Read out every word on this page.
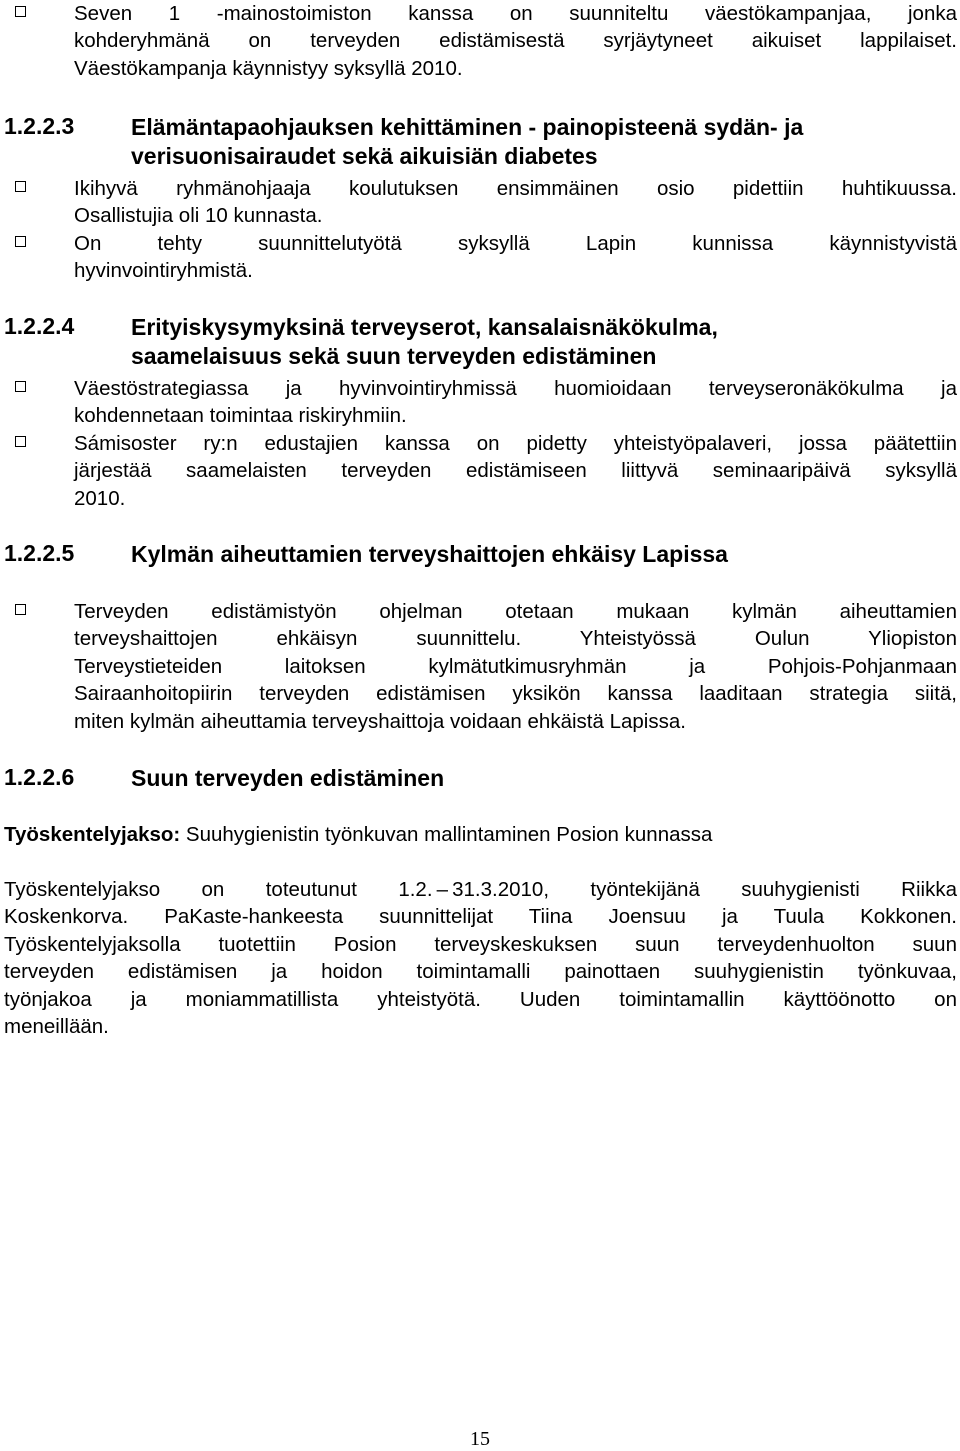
Seven 1 -mainostoimiston kanssa on suunniteltu väestökampanjaa, jonka
kohderyhmänä on terveyden edistämisestä syrjäytyneet aikuiset lappilaiset.
Väestökampanja käynnistyy syksyllä 2010.
1.2.2.3 Elämäntapaohjauksen kehittäminen - painopisteenä sydän- ja
verisuonisairaudet sekä aikuisiän diabetes
Ikihyvä ryhmänohjaaja koulutuksen ensimmäinen osio pidettiin huhtikuussa.
Osallistujia oli 10 kunnasta.
On tehty suunnittelutyötä syksyllä Lapin kunnissa käynnistyvistä
hyvinvointiryhmistä.
1.2.2.4 Erityiskysymyksinä terveyserot, kansalaisnäkökulma,
saamelaisuus sekä suun terveyden edistäminen
Väestöstrategiassa ja hyvinvointiryhmissä huomioidaan terveyseronäkökulma ja
kohdennetaan toimintaa riskiryhmiin.
Sámisoster ry:n edustajien kanssa on pidetty yhteistyöpalaveri, jossa päätettiin
järjestää saamelaisten terveyden edistämiseen liittyvä seminaaripäivä syksyllä
2010.
1.2.2.5 Kylmän aiheuttamien terveyshaittojen ehkäisy Lapissa
Terveyden edistämistyön ohjelman otetaan mukaan kylmän aiheuttamien
terveyshaittojen ehkäisyn suunnittelu. Yhteistyössä Oulun Yliopiston
Terveystieteiden laitoksen kylmätutkimusryhmän ja Pohjois-Pohjanmaan
Sairaanhoitopiirin terveyden edistämisen yksikön kanssa laaditaan strategia siitä,
miten kylmän aiheuttamia terveyshaittoja voidaan ehkäistä Lapissa.
1.2.2.6 Suun terveyden edistäminen
Työskentelyjakso: Suuhygienistin työnkuvan mallintaminen Posion kunnassa
Työskentelyjakso on toteutunut 1.2. – 31.3.2010, työntekijänä suuhygienisti Riikka
Koskenkorva. PaKaste-hankeesta suunnittelijat Tiina Joensuu ja Tuula Kokkonen.
Työskentelyjaksolla tuotettiin Posion terveyskeskuksen suun terveydenhuolton suun
terveyden edistämisen ja hoidon toimintamalli painottaen suuhygienistin työnkuvaa,
työnjakoa ja moniammatillista yhteistyötä. Uuden toimintamallin käyttöönotto on
meneillään.
15
